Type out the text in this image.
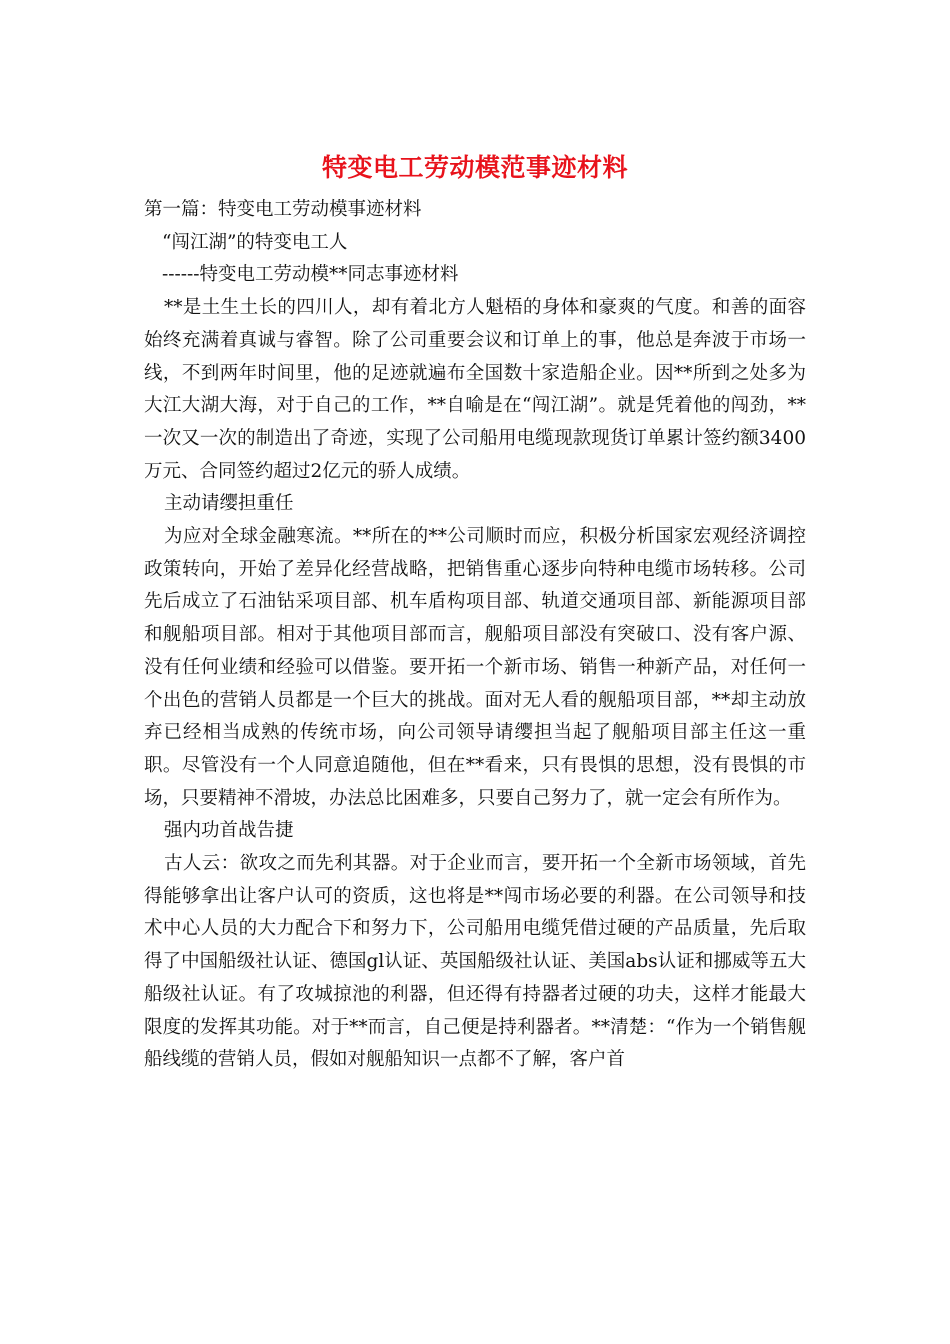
特变电工劳动模范事迹材料

第一篇：特变电工劳动模事迹材料

“闯江湖”的特变电工人

------特变电工劳动模**同志事迹材料

**是土生土长的四川人，却有着北方人魁梧的身体和豪爽的气度。和善的面容始终充满着真诚与睿智。除了公司重要会议和订单上的事，他总是奔波于市场一线，不到两年时间里，他的足迹就遍布全国数十家造船企业。因**所到之处多为大江大湖大海，对于自己的工作，**自喻是在“闯江湖”。就是凭着他的闯劲，**一次又一次的制造出了奇迹，实现了公司船用电缆现款现货订单累计签约额3400万元、合同签约超过2亿元的骄人成绩。

主动请缨担重任

为应对全球金融寒流。**所在的**公司顺时而应，积极分析国家宏观经济调控政策转向，开始了差异化经营战略，把销售重心逐步向特种电缆市场转移。公司先后成立了石油钻采项目部、机车盾构项目部、轨道交通项目部、新能源项目部和舰船项目部。相对于其他项目部而言，舰船项目部没有突破口、没有客户源、没有任何业绩和经验可以借鉴。要开拓一个新市场、销售一种新产品，对任何一个出色的营销人员都是一个巨大的挑战。面对无人看的舰船项目部，**却主动放弃已经相当成熟的传统市场，向公司领导请缨担当起了舰船项目部主任这一重职。尽管没有一个人同意追随他，但在**看来，只有畏惧的思想，没有畏惧的市场，只要精神不滑坡，办法总比困难多，只要自己努力了，就一定会有所作为。

强内功首战告捷

古人云：欲攻之而先利其器。对于企业而言，要开拓一个全新市场领域，首先得能够拿出让客户认可的资质，这也将是**闯市场必要的利器。在公司领导和技术中心人员的大力配合下和努力下，公司船用电缆凭借过硬的产品质量，先后取得了中国船级社认证、德国gl认证、英国船级社认证、美国abs认证和挪威等五大船级社认证。有了攻城掠池的利器，但还得有持器者过硬的功夫，这样才能最大限度的发挥其功能。对于**而言，自己便是持利器者。**清楚：“作为一个销售舰船线缆的营销人员，假如对舰船知识一点都不了解，客户首
